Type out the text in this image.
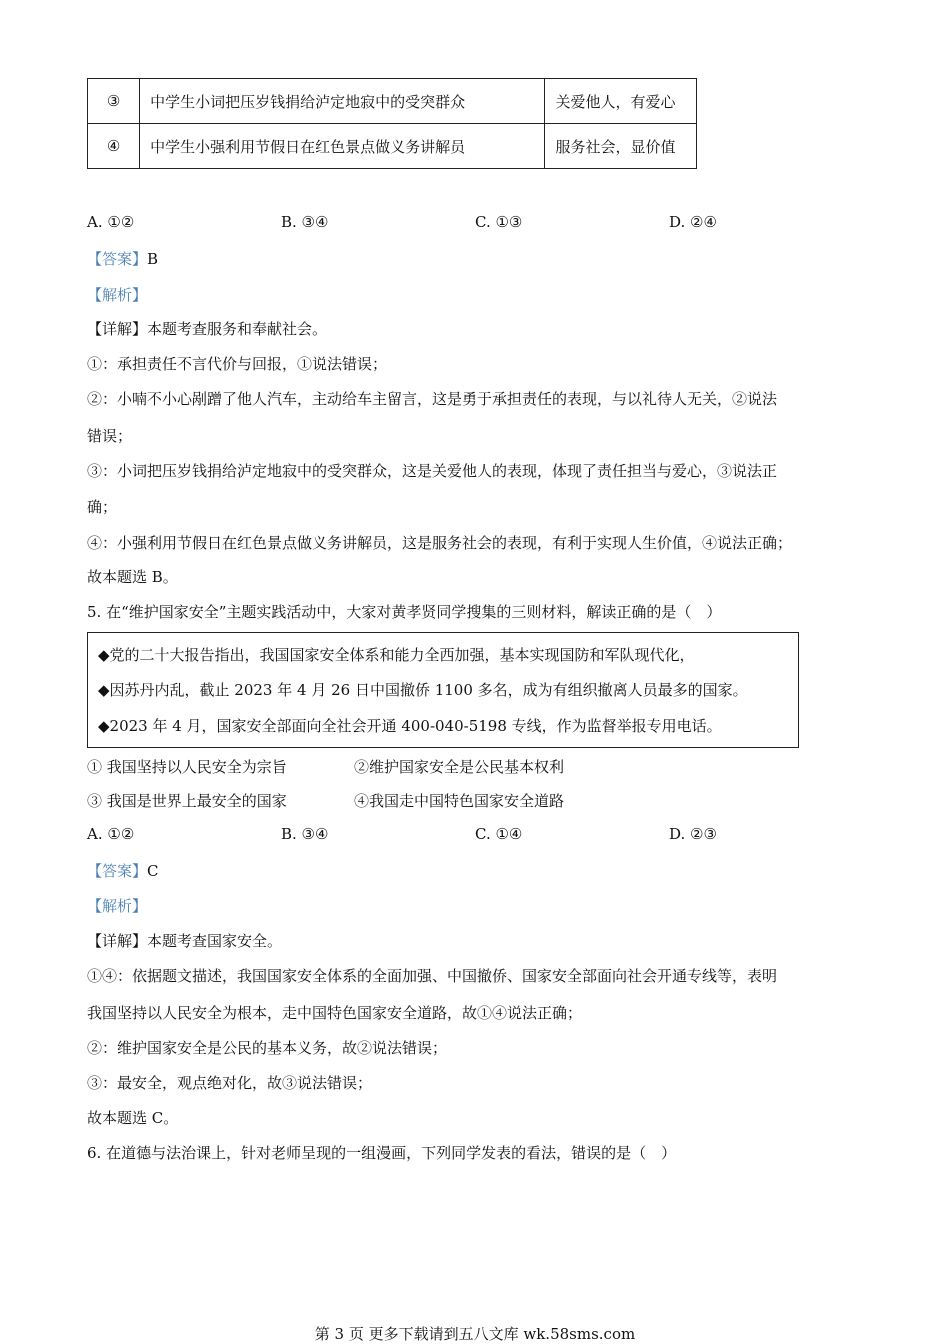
③	中学生小词把压岁钱捐给泸定地寂中的受突群众	关爱他人，有爱心
④	中学生小强利用节假日在红色景点做义务讲解员	服务社会，显价值
A. ①②	B. ③④	C. ①③	D. ②④
【答案】B
【解析】
【详解】本题考查服务和奉献社会。
①：承担责任不言代价与回报，①说法错误；
②：小喃不小心剐蹭了他人汽车，主动给车主留言，这是勇于承担责任的表现，与以礼待人无关，②说法
错误；
③：小词把压岁钱捐给泸定地寂中的受突群众，这是关爱他人的表现，体现了责任担当与爱心，③说法正
确；
④：小强利用节假日在红色景点做义务讲解员，这是服务社会的表现，有利于实现人生价值，④说法正确；
故本题选 B。
5. 在“维护国家安全”主题实践活动中，大家对黄孝贤同学搜集的三则材料，解读正确的是（　）
◆党的二十大报告指出，我国国家安全体系和能力全西加强，基本实现国防和军队现代化，
◆因苏丹内乱，截止 2023 年 4 月 26 日中国撤侨 1100 多名，成为有组织撤离人员最多的国家。
◆2023 年 4 月，国家安全部面向全社会开通 400-040-5198 专线，作为监督举报专用电话。
① 我国坚持以人民安全为宗旨	②维护国家安全是公民基本权利
③ 我国是世界上最安全的国家	④我国走中国特色国家安全道路
A. ①②	B. ③④	C. ①④	D. ②③
【答案】C
【解析】
【详解】本题考查国家安全。
①④：依据题文描述，我国国家安全体系的全面加强、中国撤侨、国家安全部面向社会开通专线等，表明
我国坚持以人民安全为根本，走中国特色国家安全道路，故①④说法正确；
②：维护国家安全是公民的基本义务，故②说法错误；
③：最安全，观点绝对化，故③说法错误；
故本题选 C。
6. 在道德与法治课上，针对老师呈现的一组漫画，下列同学发表的看法，错误的是（　）
第 3 页 更多下载请到五八文库 wk.58sms.com
